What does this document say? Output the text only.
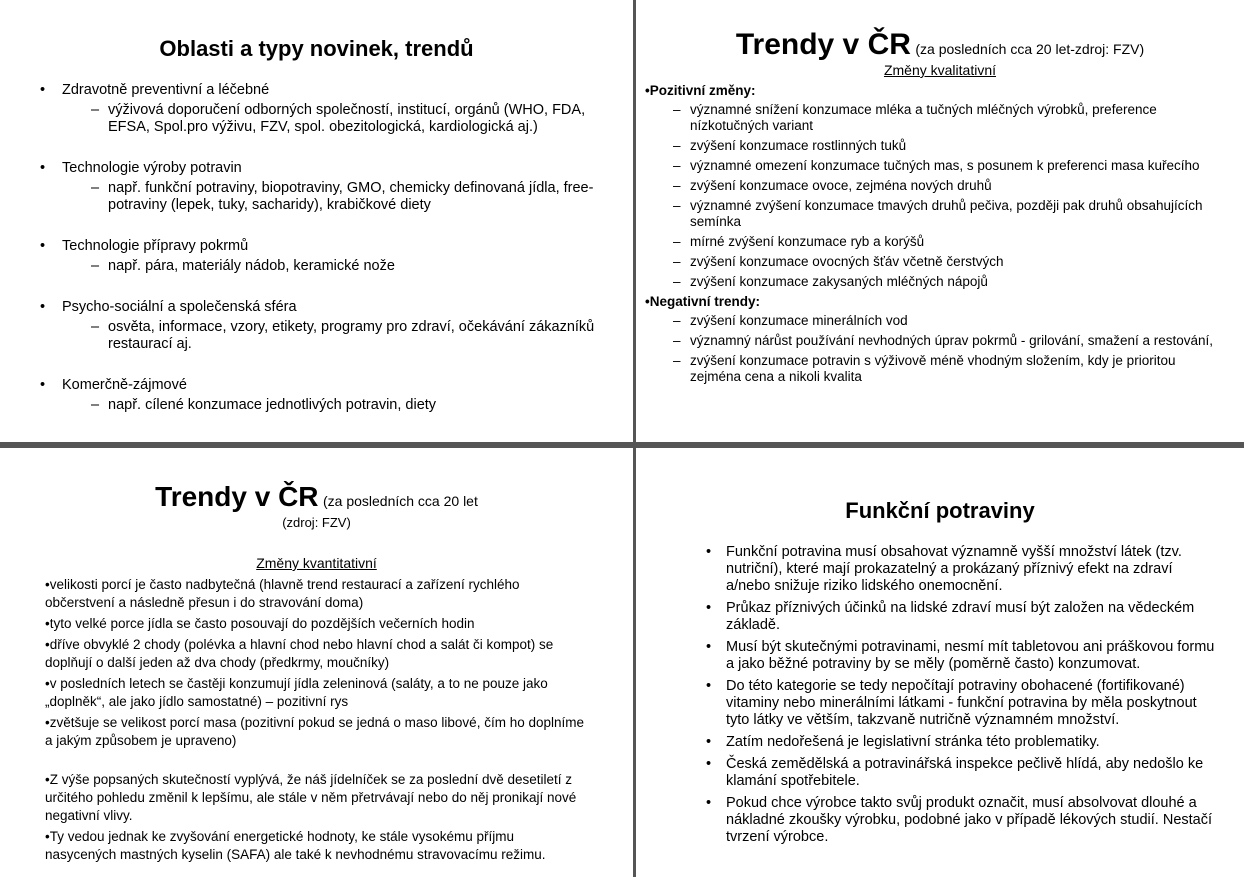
Oblasti a typy novinek, trendů
• Zdravotně preventivní a léčebné
– výživová doporučení odborných společností, institucí, orgánů (WHO, FDA, EFSA, Spol.pro výživu, FZV, spol. obezitologická, kardiologická aj.)
• Technologie výroby potravin
– např. funkční potraviny, biopotraviny, GMO, chemicky definovaná jídla, free- potraviny (lepek, tuky, sacharidy), krabičkové diety
• Technologie přípravy pokrmů
– např. pára, materiály nádob, keramické nože
• Psycho-sociální a společenská sféra
– osvěta, informace, vzory, etikety, programy pro zdraví, očekávání zákazníků restaurací aj.
• Komerčně-zájmové
– např. cílené konzumace jednotlivých potravin, diety
Trendy v ČR (za posledních cca 20 let-zdroj: FZV)
Změny kvalitativní
•Pozitivní změny:
– významné snížení konzumace mléka a tučných mléčných výrobků, preference nízkotučných variant
– zvýšení konzumace rostlinných tuků
– významné omezení konzumace tučných mas, s posunem k preferenci masa kuřecího
– zvýšení konzumace ovoce, zejména nových druhů
– významné zvýšení konzumace tmavých druhů pečiva, později pak druhů obsahujících semínka
– mírné zvýšení konzumace ryb a korýšů
– zvýšení konzumace ovocných šťáv včetně čerstvých
– zvýšení konzumace zakysaných mléčných nápojů
•Negativní trendy:
– zvýšení konzumace minerálních vod
– významný nárůst používání nevhodných úprav pokrmů - grilování, smažení a restování,
– zvýšení konzumace potravin s výživově méně vhodným složením, kdy je prioritou zejména cena a nikoli kvalita
Trendy v ČR (za posledních cca 20 let
(zdroj: FZV)
Změny kvantitativní

•velikosti porcí je často nadbytečná (hlavně trend restaurací a zařízení rychlého občerstvení a následně přesun i do stravování doma)

•tyto velké porce jídla se často posouvají do pozdějších večerních hodin

•dříve obvyklé 2 chody (polévka a hlavní chod nebo hlavní chod a salát či kompot) se doplňují o další jeden až dva chody (předkrmy, moučníky)

•v posledních letech se častěji konzumují jídla zeleninová (saláty, a to ne pouze jako „doplněk“, ale jako jídlo samostatné) – pozitivní rys

•zvětšuje se velikost porcí masa (pozitivní pokud se jedná o maso libové, čím ho doplníme a jakým způsobem je upraveno)

•Z výše popsaných skutečností vyplývá, že náš jídelníček se za poslední dvě desetiletí z určitého pohledu změnil k lepšímu, ale stále v něm přetrvávají nebo do něj pronikají nové negativní vlivy.

•Ty vedou jednak ke zvyšování energetické hodnoty, ke stále vysokému příjmu nasycených mastných kyselin (SAFA) ale také k nevhodnému stravovacímu režimu.

Funkční potraviny
• Funkční potravina musí obsahovat významně vyšší množství látek (tzv. nutriční), které mají prokazatelný a prokázaný příznivý efekt na zdraví a/nebo snižuje riziko lidského onemocnění.
• Průkaz příznivých účinků na lidské zdraví musí být založen na vědeckém základě.
• Musí být skutečnými potravinami, nesmí mít tabletovou ani práškovou formu a jako běžné potraviny by se měly (poměrně často) konzumovat.
• Do této kategorie se tedy nepočítají potraviny obohacené (fortifikované) vitaminy nebo minerálními látkami - funkční potravina by měla poskytnout tyto látky ve větším, takzvaně nutričně významném množství.
• Zatím nedořešená je legislativní stránka této problematiky.
• Česká zemědělská a potravinářská inspekce pečlivě hlídá, aby nedošlo ke klamání spotřebitele.
• Pokud chce výrobce takto svůj produkt označit, musí absolvovat dlouhé a nákladné zkoušky výrobku, podobné jako v případě lékových studií. Nestačí tvrzení výrobce.
